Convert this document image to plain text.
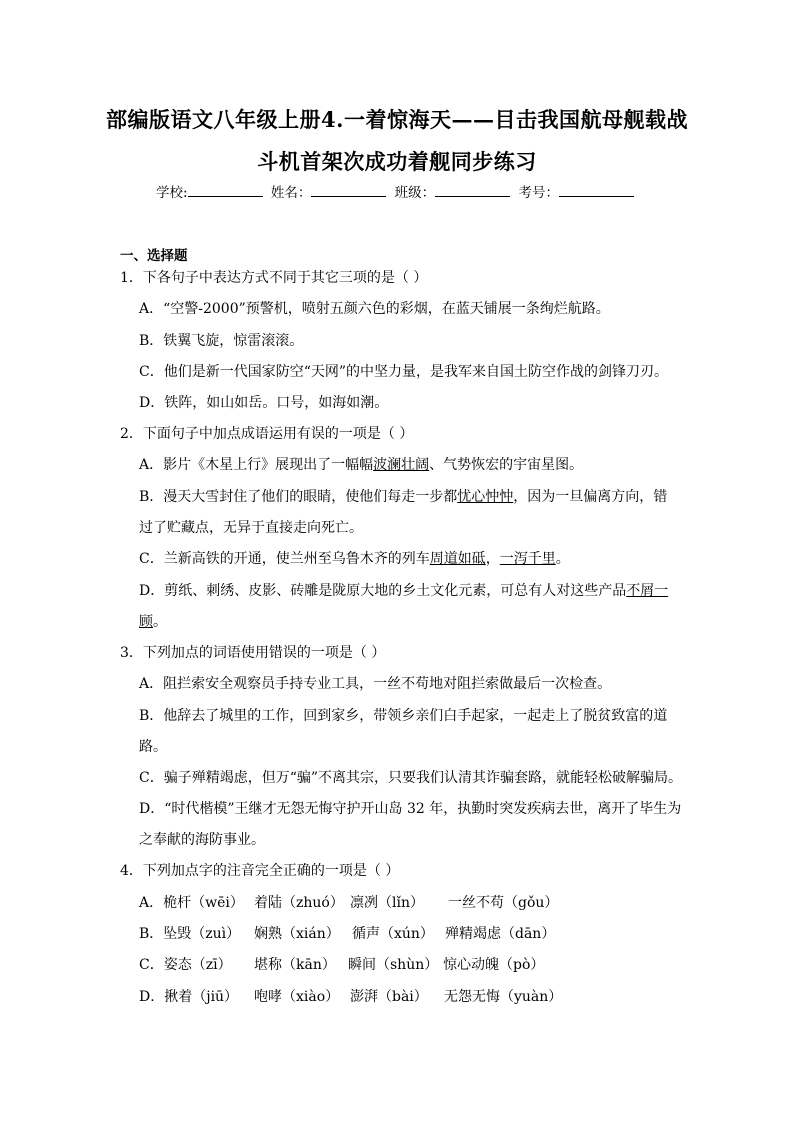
部编版语文八年级上册4.一着惊海天——目击我国航母舰载战
斗机首架次成功着舰同步练习
学校:	姓名：	班级：	考号：
一、选择题
1．下各句子中表达方式不同于其它三项的是（ ）
A．“空警-2000”预警机，喷射五颜六色的彩烟，在蓝天铺展一条绚烂航路。
B．铁翼飞旋，惊雷滚滚。
C．他们是新一代国家防空“天网”的中坚力量，是我军来自国土防空作战的剑锋刀刃。
D．铁阵，如山如岳。口号，如海如潮。
2．下面句子中加点成语运用有误的一项是（ ）
A．影片《木星上行》展现出了一幅幅波澜壮阔、气势恢宏的宇宙星图。
B．漫天大雪封住了他们的眼睛，使他们每走一步都忧心忡忡，因为一旦偏离方向，错
过了贮藏点，无异于直接走向死亡。
C．兰新高铁的开通，使兰州至乌鲁木齐的列车周道如砥，一泻千里。
D．剪纸、刺绣、皮影、砖雕是陇原大地的乡土文化元素，可总有人对这些产品不屑一
顾。
3．下列加点的词语使用错误的一项是（ ）
A．阻拦索安全观察员手持专业工具，一丝不苟地对阻拦索做最后一次检查。
B．他辞去了城里的工作，回到家乡，带领乡亲们白手起家，一起走上了脱贫致富的道
路。
C．骗子殚精竭虑，但万“骗”不离其宗，只要我们认清其诈骗套路，就能轻松破解骗局。
D．“时代楷模”王继才无怨无悔守护开山岛 32 年，执勤时突发疾病去世，离开了毕生为
之奉献的海防事业。
4．下列加点字的注音完全正确的一项是（ ）
A．桅杆（wēi） 着陆（zhuó） 凛冽（lǐn） 一丝不苟（gǒu）
B．坠毁（zuì） 娴熟（xián） 循声（xún） 殚精竭虑（dān）
C．姿态（zī） 堪称（kān） 瞬间（shùn） 惊心动魄（pò）
D．揪着（jiū） 咆哮（xiào） 澎湃（bài） 无怨无悔（yuàn）
